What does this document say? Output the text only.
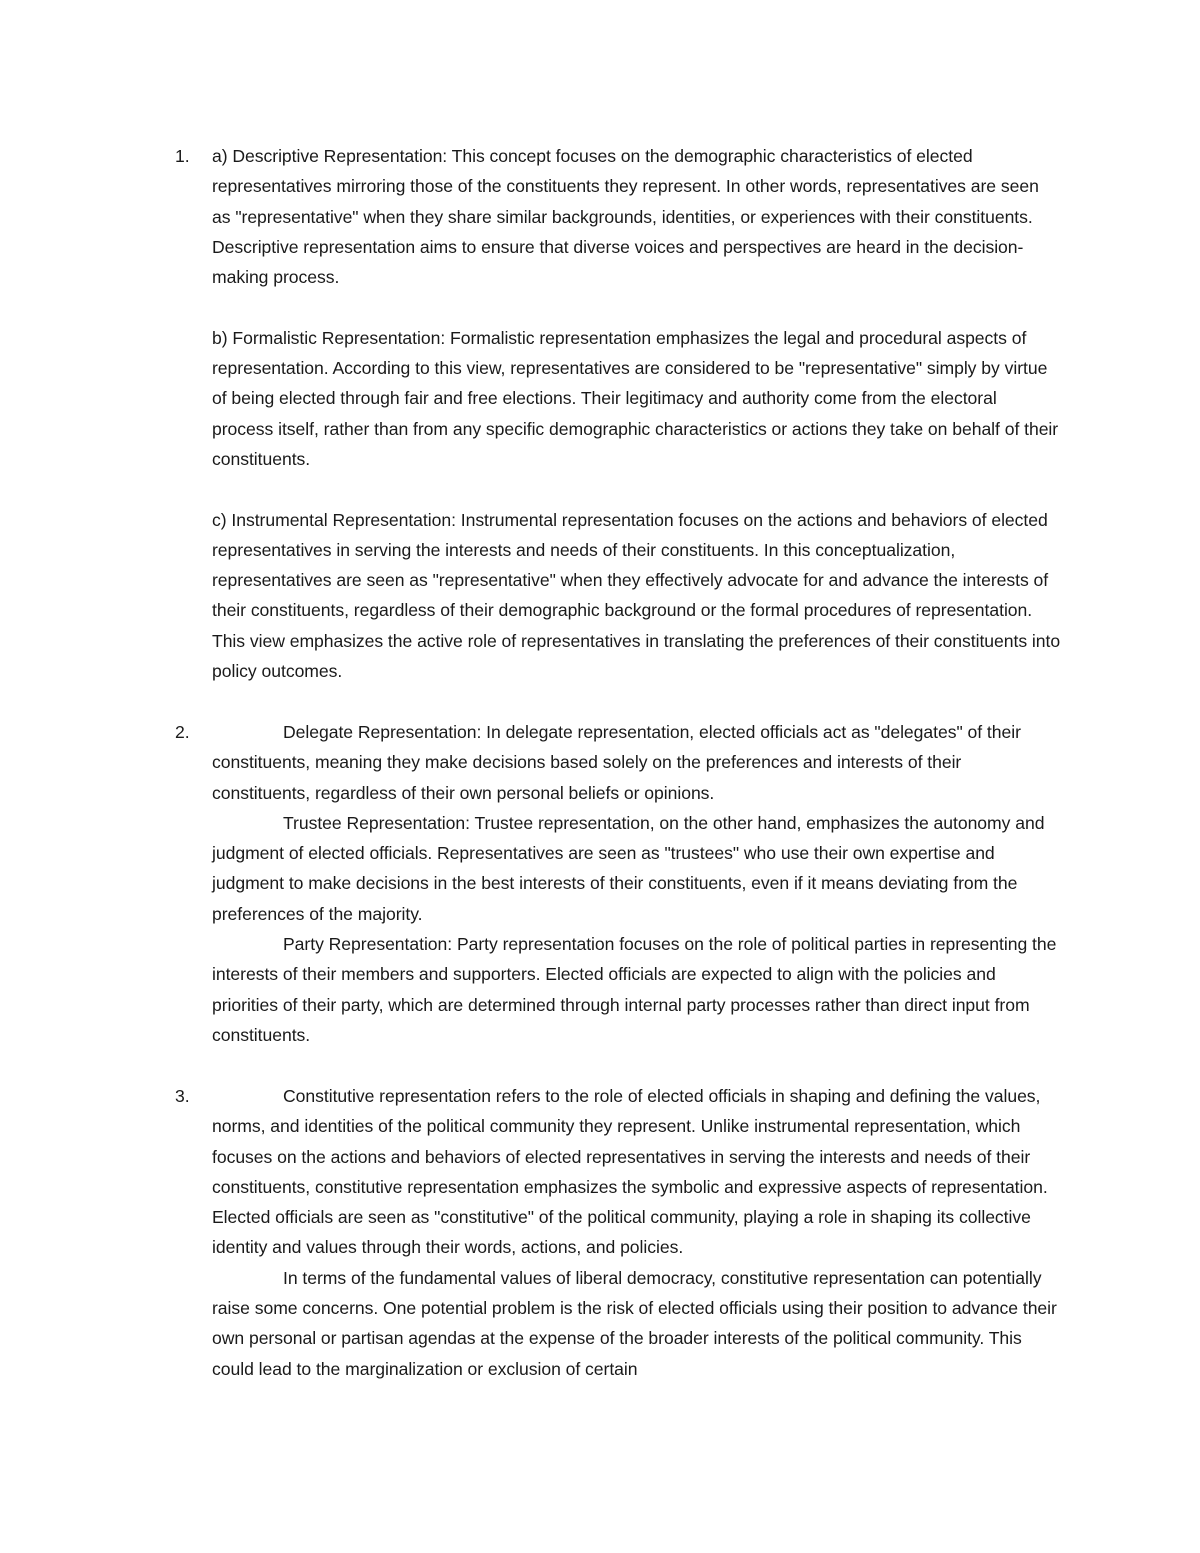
1. a) Descriptive Representation: This concept focuses on the demographic characteristics of elected representatives mirroring those of the constituents they represent. In other words, representatives are seen as "representative" when they share similar backgrounds, identities, or experiences with their constituents. Descriptive representation aims to ensure that diverse voices and perspectives are heard in the decision-making process.

b) Formalistic Representation: Formalistic representation emphasizes the legal and procedural aspects of representation. According to this view, representatives are considered to be "representative" simply by virtue of being elected through fair and free elections. Their legitimacy and authority come from the electoral process itself, rather than from any specific demographic characteristics or actions they take on behalf of their constituents.

c) Instrumental Representation: Instrumental representation focuses on the actions and behaviors of elected representatives in serving the interests and needs of their constituents. In this conceptualization, representatives are seen as "representative" when they effectively advocate for and advance the interests of their constituents, regardless of their demographic background or the formal procedures of representation. This view emphasizes the active role of representatives in translating the preferences of their constituents into policy outcomes.

2.	Delegate Representation: In delegate representation, elected officials act as "delegates" of their constituents, meaning they make decisions based solely on the preferences and interests of their constituents, regardless of their own personal beliefs or opinions.

Trustee Representation: Trustee representation, on the other hand, emphasizes the autonomy and judgment of elected officials. Representatives are seen as "trustees" who use their own expertise and judgment to make decisions in the best interests of their constituents, even if it means deviating from the preferences of the majority.

Party Representation: Party representation focuses on the role of political parties in representing the interests of their members and supporters. Elected officials are expected to align with the policies and priorities of their party, which are determined through internal party processes rather than direct input from constituents.

3.	Constitutive representation refers to the role of elected officials in shaping and defining the values, norms, and identities of the political community they represent. Unlike instrumental representation, which focuses on the actions and behaviors of elected representatives in serving the interests and needs of their constituents, constitutive representation emphasizes the symbolic and expressive aspects of representation. Elected officials are seen as "constitutive" of the political community, playing a role in shaping its collective identity and values through their words, actions, and policies.

In terms of the fundamental values of liberal democracy, constitutive representation can potentially raise some concerns. One potential problem is the risk of elected officials using their position to advance their own personal or partisan agendas at the expense of the broader interests of the political community. This could lead to the marginalization or exclusion of certain
